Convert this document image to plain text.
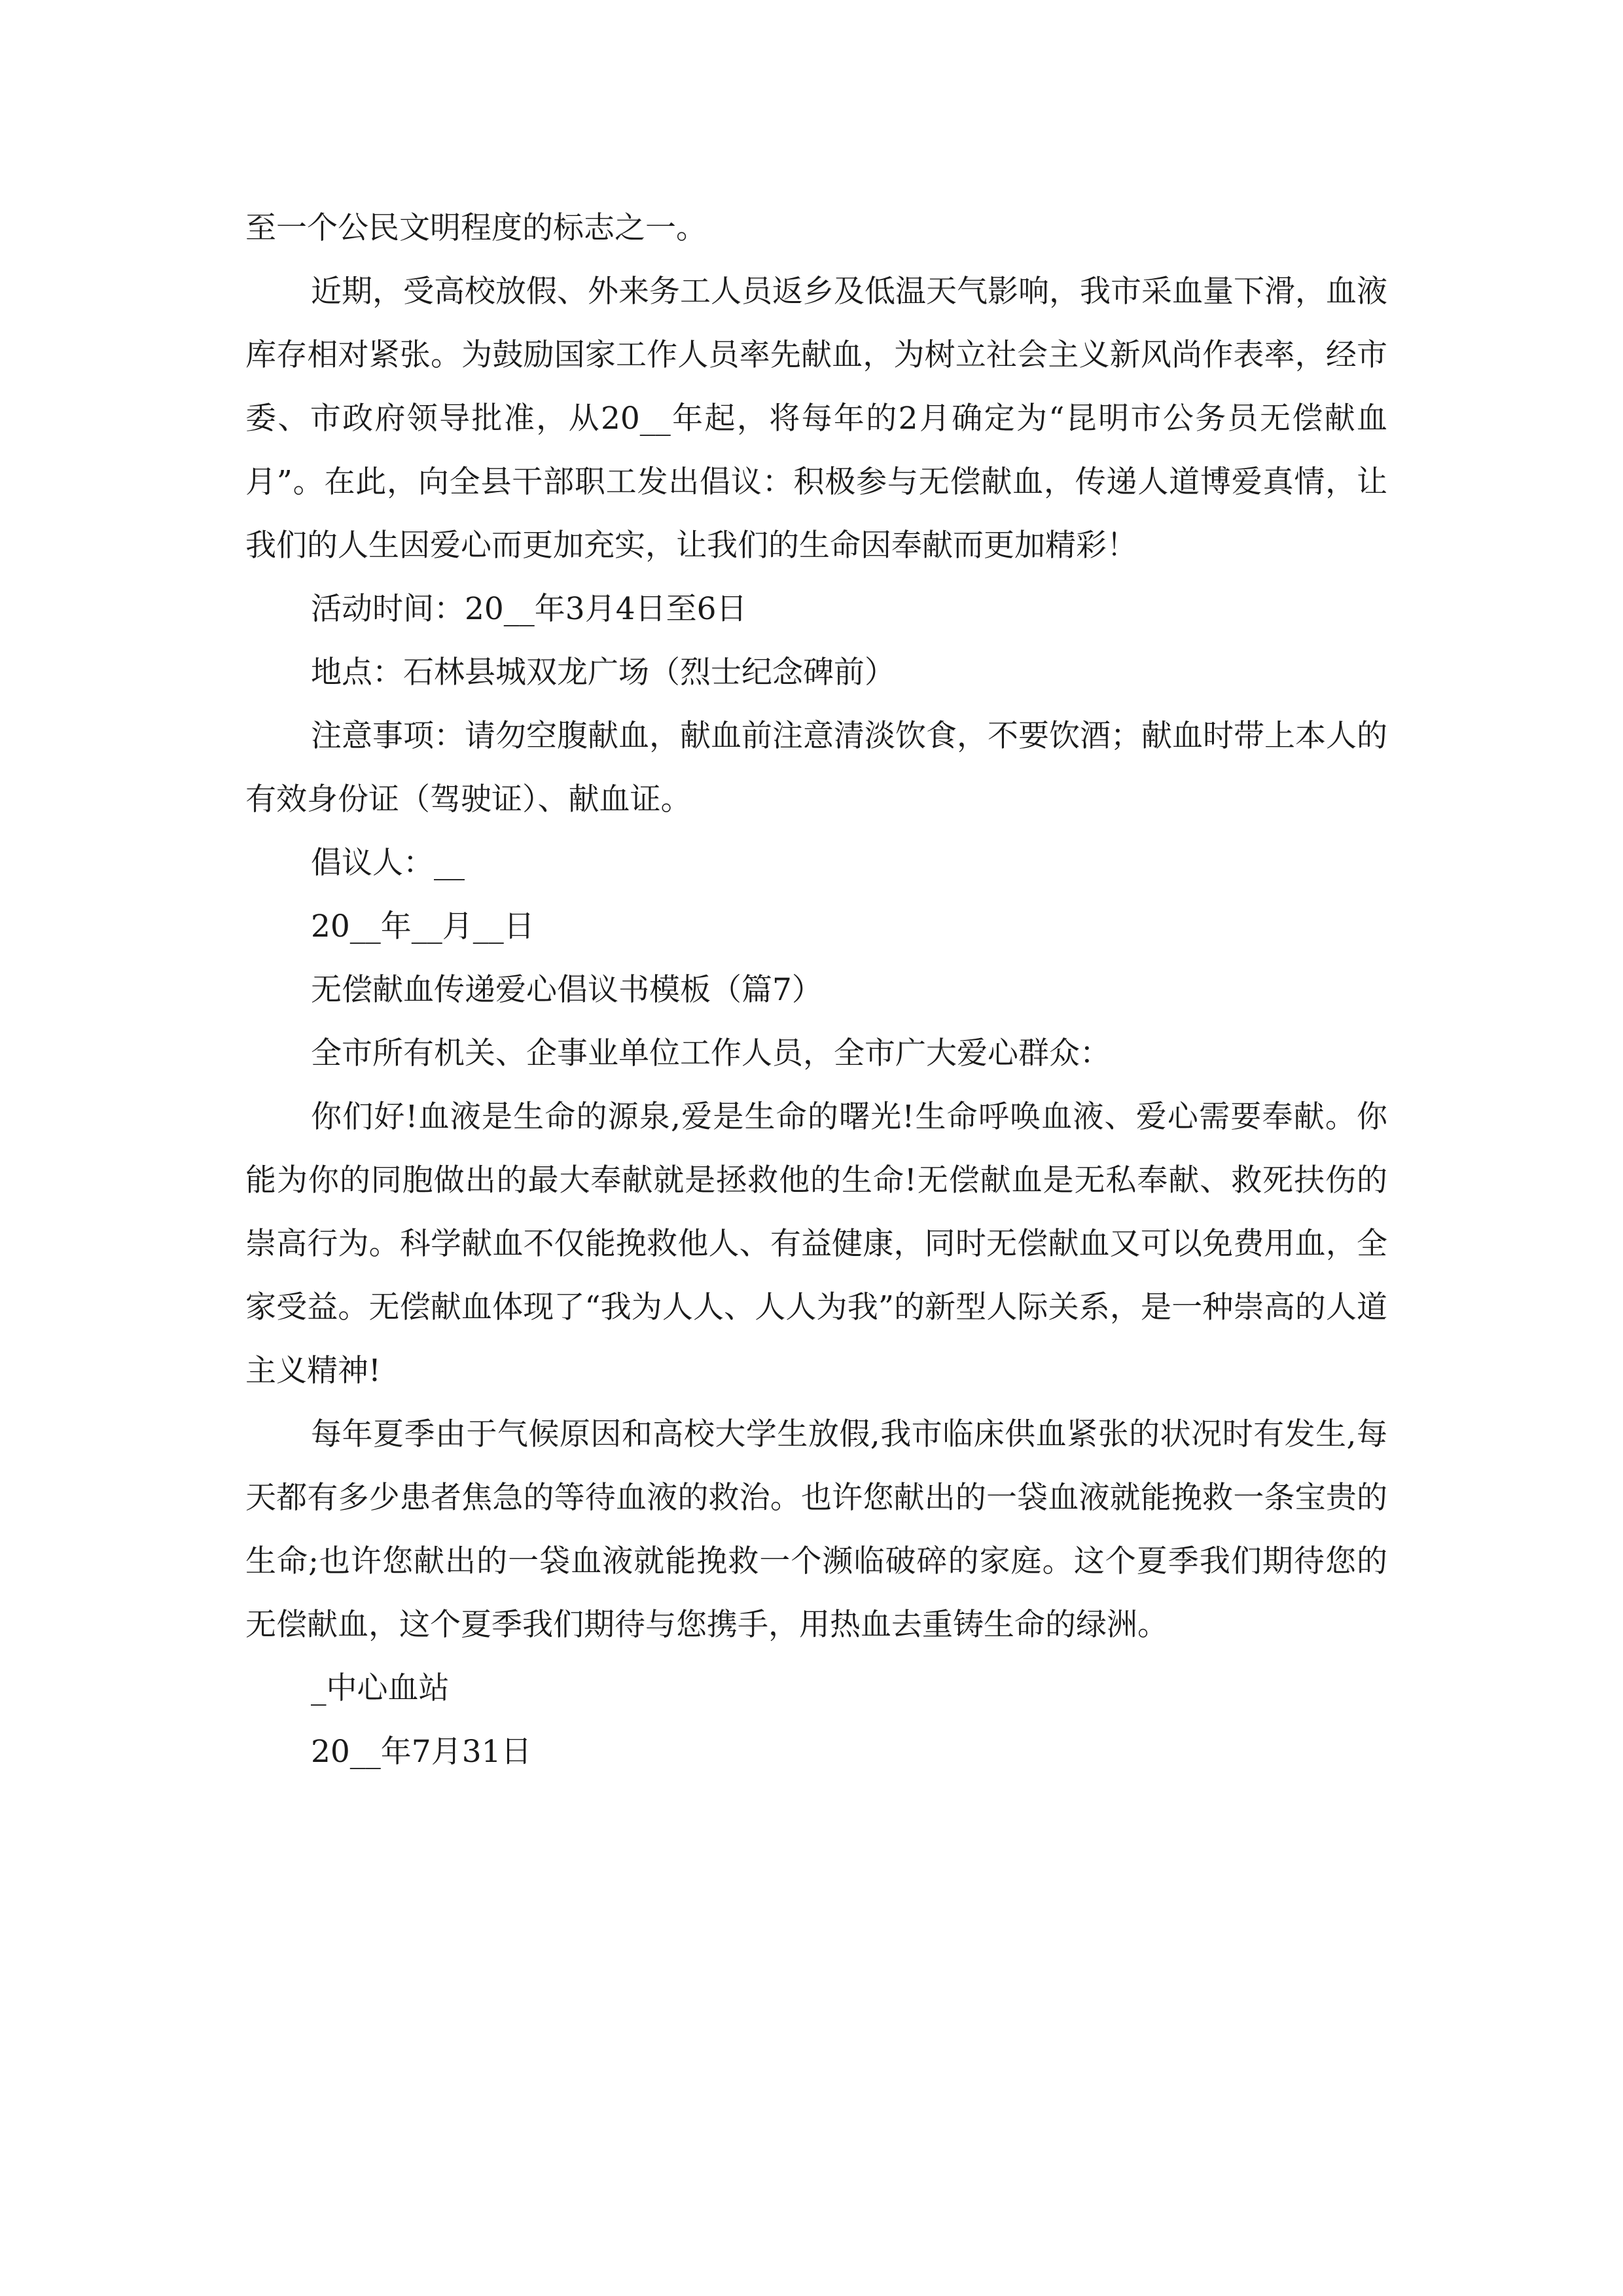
至一个公民文明程度的标志之一。

近期，受高校放假、外来务工人员返乡及低温天气影响，我市采血量下滑，血液库存相对紧张。为鼓励国家工作人员率先献血，为树立社会主义新风尚作表率，经市委、市政府领导批准，从20__年起，将每年的2月确定为“昆明市公务员无偿献血月”。在此，向全县干部职工发出倡议：积极参与无偿献血，传递人道博爱真情，让我们的人生因爱心而更加充实，让我们的生命因奉献而更加精彩！

活动时间：20__年3月4日至6日

地点：石林县城双龙广场（烈士纪念碑前）

注意事项：请勿空腹献血，献血前注意清淡饮食，不要饮酒；献血时带上本人的有效身份证（驾驶证）、献血证。

倡议人：__

20__年__月__日

无偿献血传递爱心倡议书模板（篇7）

全市所有机关、企事业单位工作人员，全市广大爱心群众：

你们好!血液是生命的源泉,爱是生命的曙光!生命呼唤血液、爱心需要奉献。你能为你的同胞做出的最大奉献就是拯救他的生命!无偿献血是无私奉献、救死扶伤的崇高行为。科学献血不仅能挽救他人、有益健康，同时无偿献血又可以免费用血，全家受益。无偿献血体现了“我为人人、人人为我”的新型人际关系，是一种崇高的人道主义精神!

每年夏季由于气候原因和高校大学生放假,我市临床供血紧张的状况时有发生,每天都有多少患者焦急的等待血液的救治。也许您献出的一袋血液就能挽救一条宝贵的生命;也许您献出的一袋血液就能挽救一个濒临破碎的家庭。这个夏季我们期待您的无偿献血，这个夏季我们期待与您携手，用热血去重铸生命的绿洲。

_中心血站

20__年7月31日
